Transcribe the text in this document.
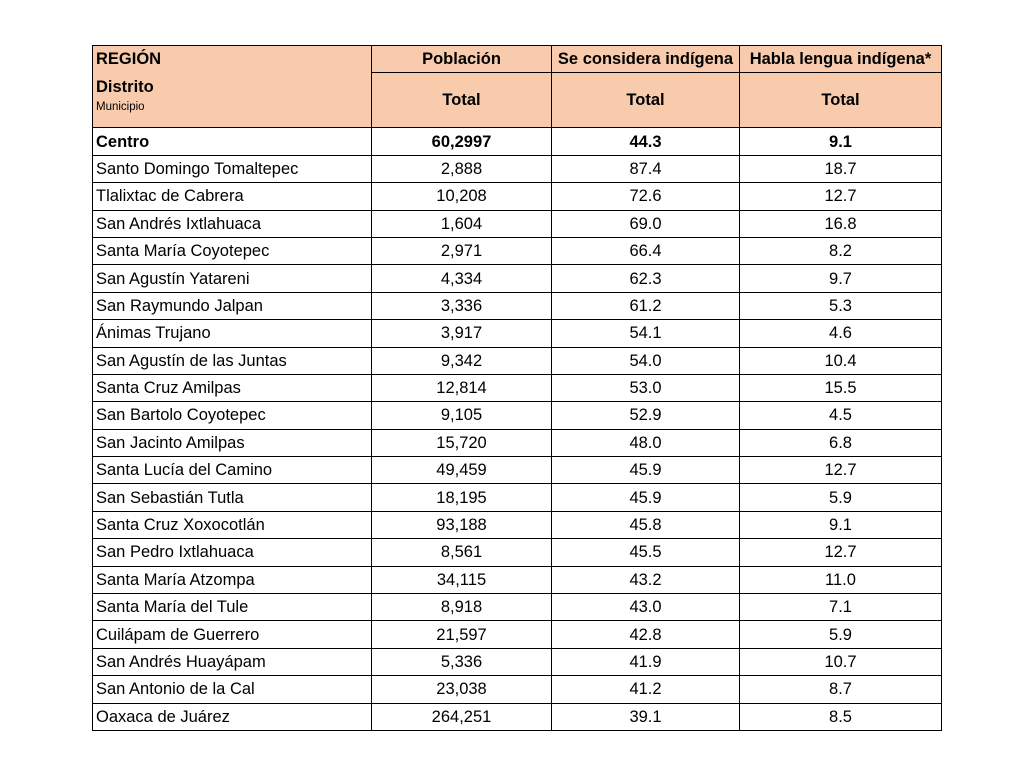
REGIÓN
Distrito
Municipio	Población	Se considera indígena	Habla lengua indígena*
	Total	Total	Total
Centro	60,2997	44.3	9.1
Santo Domingo Tomaltepec	2,888	87.4	18.7
Tlalixtac de Cabrera	10,208	72.6	12.7
San Andrés Ixtlahuaca	1,604	69.0	16.8
Santa María Coyotepec	2,971	66.4	8.2
San Agustín Yatareni	4,334	62.3	9.7
San Raymundo Jalpan	3,336	61.2	5.3
Ánimas Trujano	3,917	54.1	4.6
San Agustín de las Juntas	9,342	54.0	10.4
Santa Cruz Amilpas	12,814	53.0	15.5
San Bartolo Coyotepec	9,105	52.9	4.5
San Jacinto Amilpas	15,720	48.0	6.8
Santa Lucía del Camino	49,459	45.9	12.7
San Sebastián Tutla	18,195	45.9	5.9
Santa Cruz Xoxocotlán	93,188	45.8	9.1
San Pedro Ixtlahuaca	8,561	45.5	12.7
Santa María Atzompa	34,115	43.2	11.0
Santa María del Tule	8,918	43.0	7.1
Cuilápam de Guerrero	21,597	42.8	5.9
San Andrés Huayápam	5,336	41.9	10.7
San Antonio de la Cal	23,038	41.2	8.7
Oaxaca de Juárez	264,251	39.1	8.5
